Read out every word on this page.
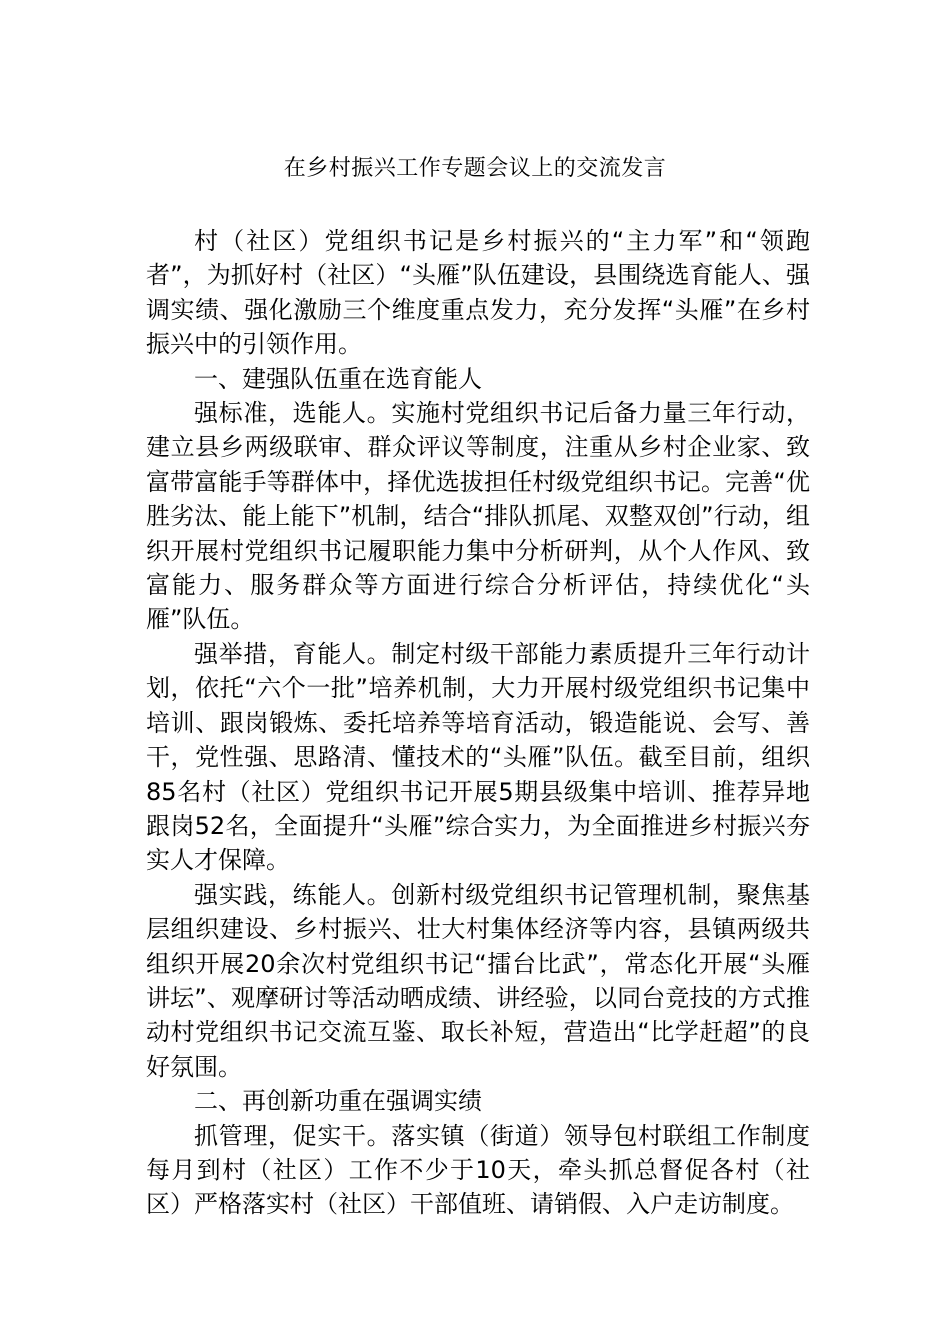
在乡村振兴工作专题会议上的交流发言

村（社区）党组织书记是乡村振兴的“主力军”和“领跑者”，为抓好村（社区）“头雁”队伍建设，县围绕选育能人、强调实绩、强化激励三个维度重点发力，充分发挥“头雁”在乡村振兴中的引领作用。

一、建强队伍重在选育能人

强标准，选能人。实施村党组织书记后备力量三年行动，建立县乡两级联审、群众评议等制度，注重从乡村企业家、致富带富能手等群体中，择优选拔担任村级党组织书记。完善“优胜劣汰、能上能下”机制，结合“排队抓尾、双整双创”行动，组织开展村党组织书记履职能力集中分析研判，从个人作风、致富能力、服务群众等方面进行综合分析评估，持续优化“头雁”队伍。

强举措，育能人。制定村级干部能力素质提升三年行动计划，依托“六个一批”培养机制，大力开展村级党组织书记集中培训、跟岗锻炼、委托培养等培育活动，锻造能说、会写、善干，党性强、思路清、懂技术的“头雁”队伍。截至目前，组织85名村（社区）党组织书记开展5期县级集中培训、推荐异地跟岗52名，全面提升“头雁”综合实力，为全面推进乡村振兴夯实人才保障。

强实践，练能人。创新村级党组织书记管理机制，聚焦基层组织建设、乡村振兴、壮大村集体经济等内容，县镇两级共组织开展20余次村党组织书记“擂台比武”，常态化开展“头雁讲坛”、观摩研讨等活动晒成绩、讲经验，以同台竞技的方式推动村党组织书记交流互鉴、取长补短，营造出“比学赶超”的良好氛围。

二、再创新功重在强调实绩

抓管理，促实干。落实镇（街道）领导包村联组工作制度每月到村（社区）工作不少于10天，牵头抓总督促各村（社区）严格落实村（社区）干部值班、请销假、入户走访制度。
